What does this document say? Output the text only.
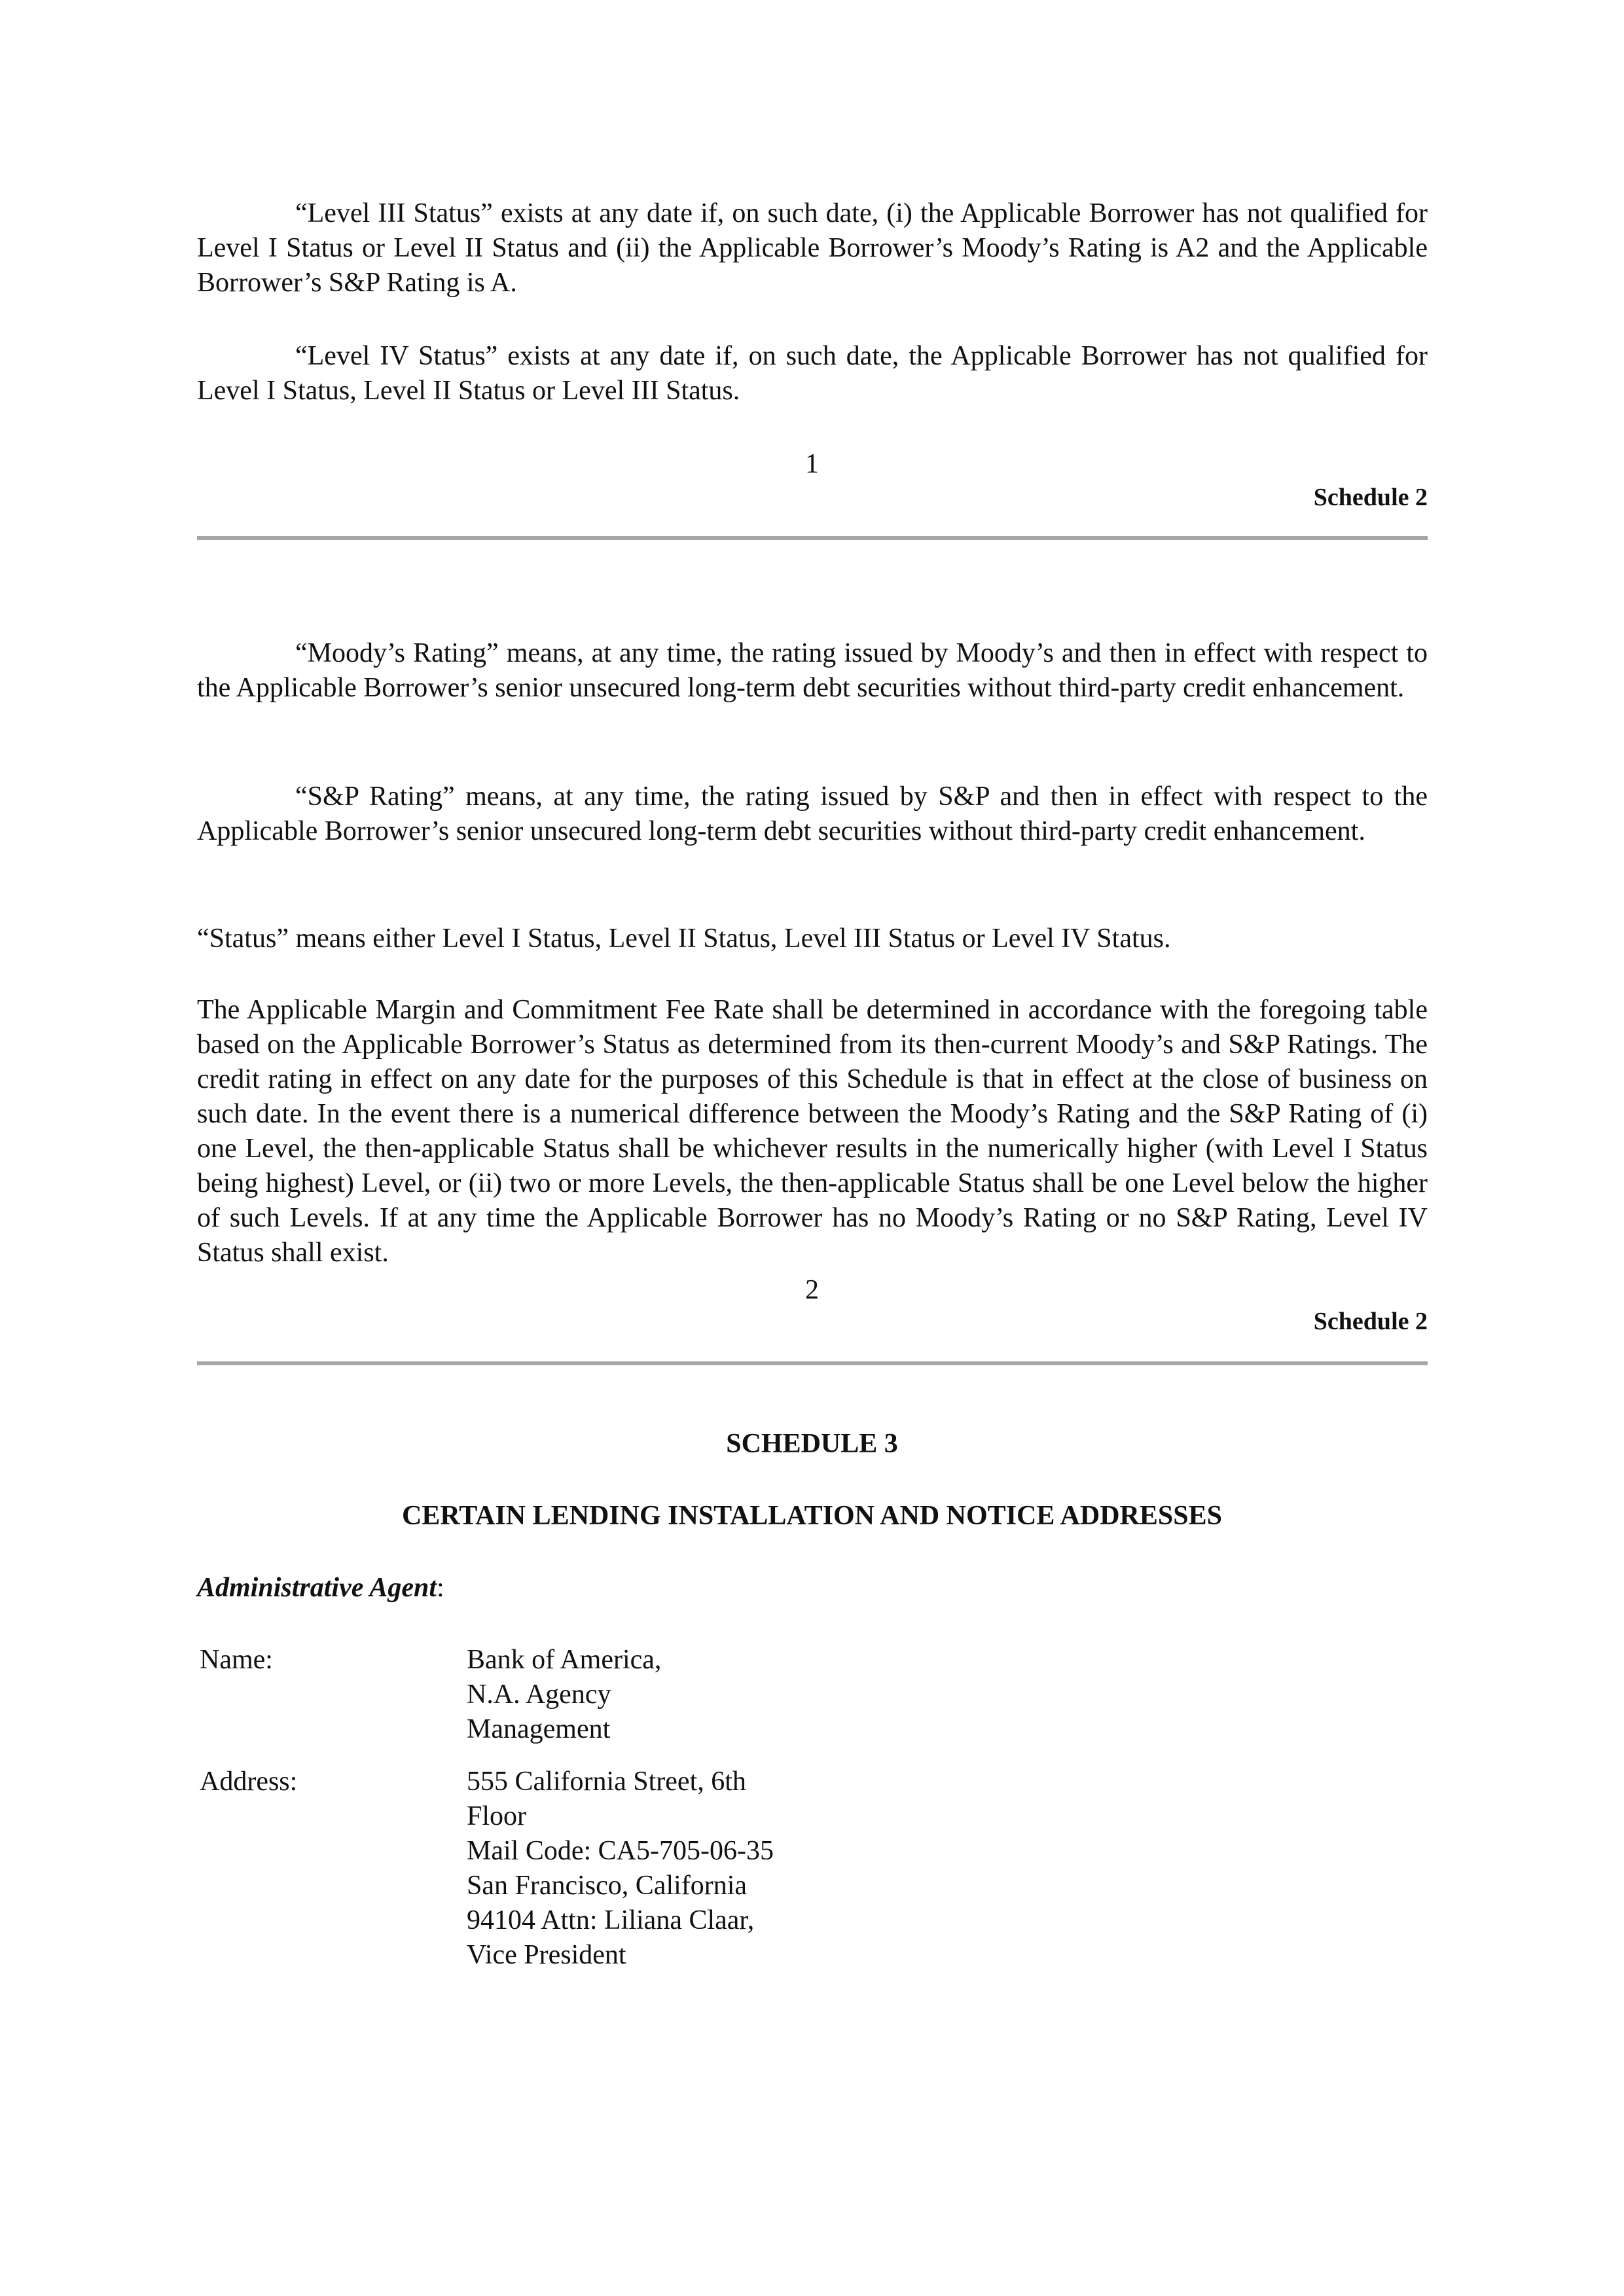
“Level III Status” exists at any date if, on such date, (i) the Applicable Borrower has not qualified for Level I Status or Level II Status and (ii) the Applicable Borrower’s Moody’s Rating is A2 and the Applicable Borrower’s S&P Rating is A.

“Level IV Status” exists at any date if, on such date, the Applicable Borrower has not qualified for Level I Status, Level II Status or Level III Status.

1

Schedule 2

“Moody’s Rating” means, at any time, the rating issued by Moody’s and then in effect with respect to the Applicable Borrower’s senior unsecured long-term debt securities without third-party credit enhancement.

“S&P Rating” means, at any time, the rating issued by S&P and then in effect with respect to the Applicable Borrower’s senior unsecured long-term debt securities without third-party credit enhancement.

“Status” means either Level I Status, Level II Status, Level III Status or Level IV Status.

The Applicable Margin and Commitment Fee Rate shall be determined in accordance with the foregoing table based on the Applicable Borrower’s Status as determined from its then-current Moody’s and S&P Ratings. The credit rating in effect on any date for the purposes of this Schedule is that in effect at the close of business on such date. In the event there is a numerical difference between the Moody’s Rating and the S&P Rating of (i) one Level, the then-applicable Status shall be whichever results in the numerically higher (with Level I Status being highest) Level, or (ii) two or more Levels, the then-applicable Status shall be one Level below the higher of such Levels. If at any time the Applicable Borrower has no Moody’s Rating or no S&P Rating, Level IV Status shall exist.

2

Schedule 2

SCHEDULE 3

CERTAIN LENDING INSTALLATION AND NOTICE ADDRESSES

Administrative Agent:

Name:	Bank of America,
N.A. Agency
Management

Address:	555 California Street, 6th
Floor
Mail Code: CA5-705-06-35
San Francisco, California
94104 Attn: Liliana Claar,
Vice President
